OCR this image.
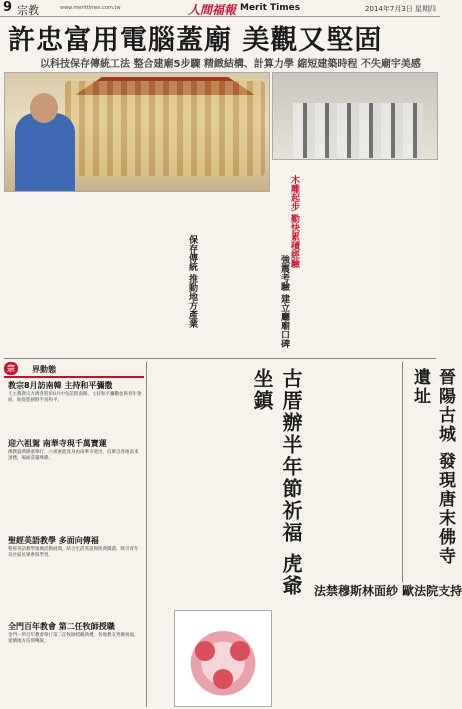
9 宗教	www.merittimes.com.tw	人間福報 Merit Times	2014年7月3日 星期四
許忠富用電腦蓋廟 美觀又堅固
以科技保存傳統工法 整合建廟5步驟 精緻結構、計算力學 縮短建築時程 不失廟宇美感
木雕起步 勤快累積經驗
強震考驗 建立廳廟口碑
保存傳統 推動地方產業
宗	界動態
教宗8月訪南韓 主持和平彌撒
天主教教宗方濟各將於8月中旬訪問南韓，主持和平彌撒並與青年會面，盼促進朝鮮半島和平。
迎六祖駕 南華寺現千萬寶蓮
佛教盛典隆重舉行，六祖惠能真身由南華寺迎出，信眾自各地前來頂禮，場面莊嚴殊勝。
聖經英語教學 多面向傳福
聖經英語教學推廣活動展開，結合生活英語與經典閱讀，吸引青年及社區民眾參與學習。
全門百年教會 第二任牧師授職
金門一所百年教會舉行第二任牧師授職典禮，各地教友齊聚祝福，延續地方信仰傳統。
古厝辦半年節祈福 虎爺坐鎮	晉陽古城 發現唐末佛寺遺址
法禁穆斯林面紗 歐法院支持
